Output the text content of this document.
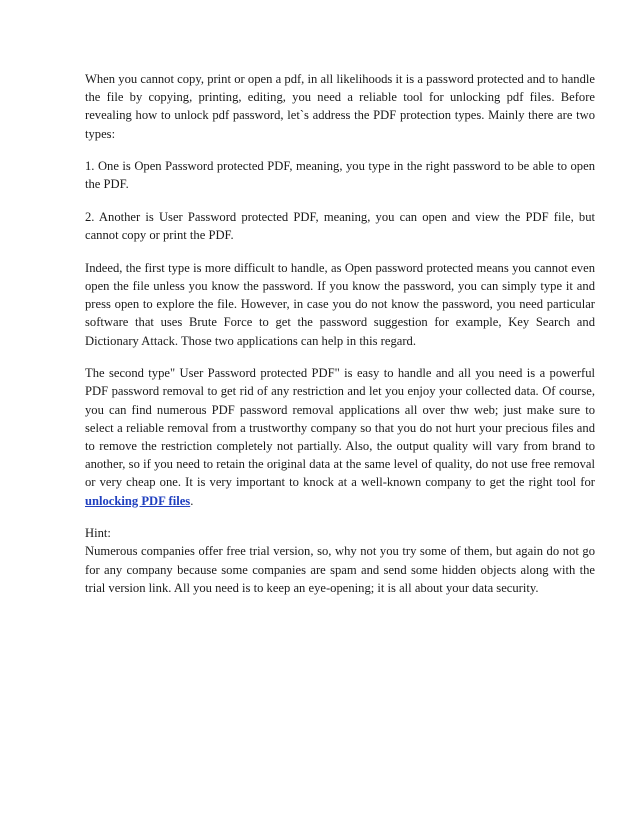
When you cannot copy, print or open a pdf, in all likelihoods it is a password protected and to handle the file by copying, printing, editing, you need a reliable tool for unlocking pdf files. Before revealing how to unlock pdf password, let`s address the PDF protection types. Mainly there are two types:

1. One is Open Password protected PDF, meaning, you type in the right password to be able to open the PDF.

2. Another is User Password protected PDF, meaning, you can open and view the PDF file, but cannot copy or print the PDF.

Indeed, the first type is more difficult to handle, as Open password protected means you cannot even open the file unless you know the password. If you know the password, you can simply type it and press open to explore the file. However, in case you do not know the password, you need particular software that uses Brute Force to get the password suggestion for example, Key Search and Dictionary Attack. Those two applications can help in this regard.

The second type" User Password protected PDF" is easy to handle and all you need is a powerful PDF password removal to get rid of any restriction and let you enjoy your collected data. Of course, you can find numerous PDF password removal applications all over thw web; just make sure to select a reliable removal from a trustworthy company so that you do not hurt your precious files and to remove the restriction completely not partially. Also, the output quality will vary from brand to another, so if you need to retain the original data at the same level of quality, do not use free removal or very cheap one. It is very important to knock at a well-known company to get the right tool for unlocking PDF files.

Hint:
Numerous companies offer free trial version, so, why not you try some of them, but again do not go for any company because some companies are spam and send some hidden objects along with the trial version link. All you need is to keep an eye-opening; it is all about your data security.
